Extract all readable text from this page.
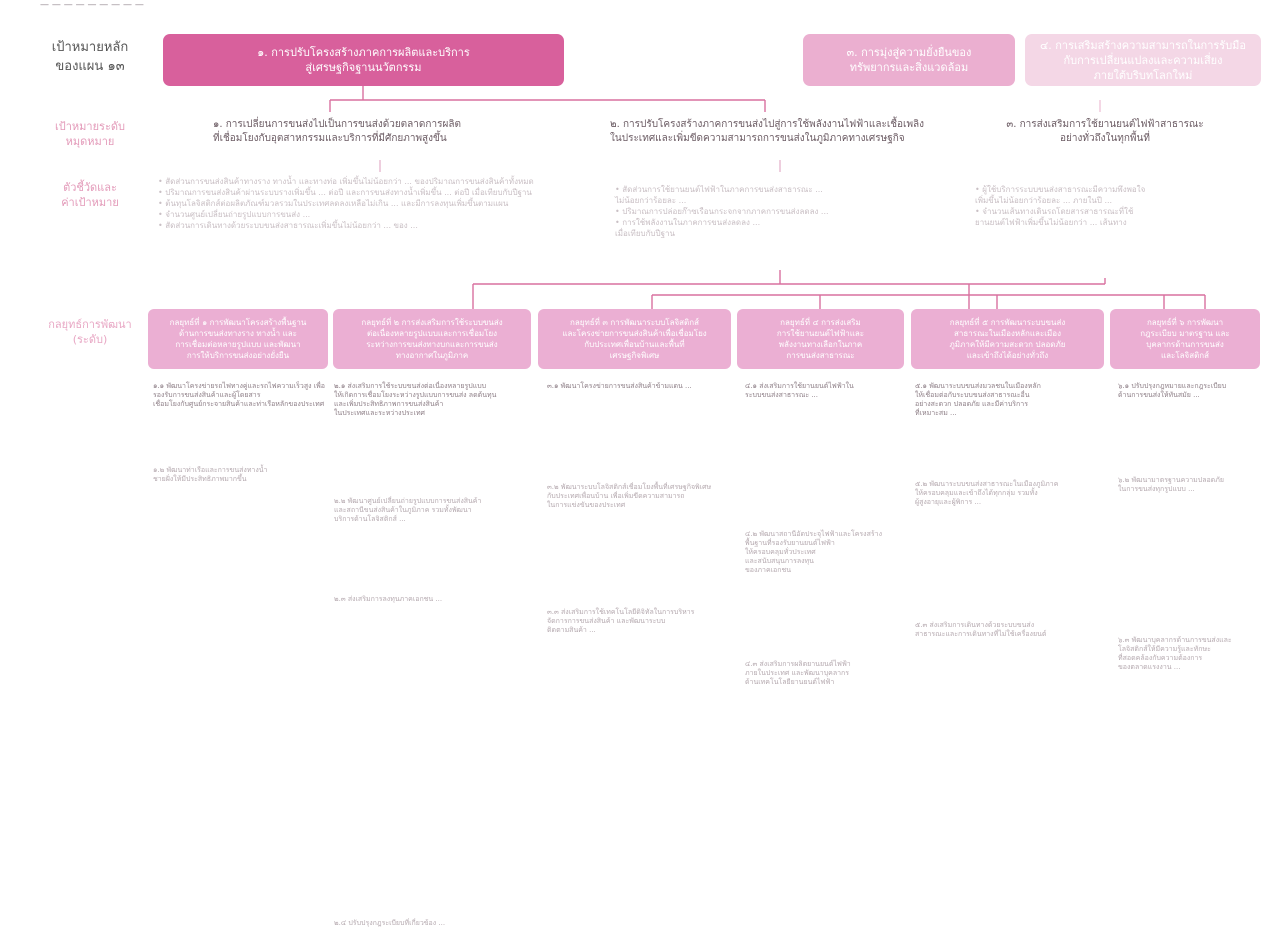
— — — — — — — — —
เป้าหมายหลัก
ของแผน ๑๓
เป้าหมายระดับ
หมุดหมาย
ตัวชี้วัดและ
ค่าเป้าหมาย
กลยุทธ์การพัฒนา
(ระดับ)
๑. การปรับโครงสร้างภาคการผลิตและบริการ
สู่เศรษฐกิจฐานนวัตกรรม
๓. การมุ่งสู่ความยั่งยืนของ
ทรัพยากรและสิ่งแวดล้อม
๔. การเสริมสร้างความสามารถในการรับมือ
กับการเปลี่ยนแปลงและความเสี่ยง
ภายใต้บริบทโลกใหม่
๑. การเปลี่ยนการขนส่งไปเป็นการขนส่งด้วยตลาดการผลิต
ที่เชื่อมโยงกับอุตสาหกรรมและบริการที่มีศักยภาพสูงขึ้น
๒. การปรับโครงสร้างภาคการขนส่งไปสู่การใช้พลังงานไฟฟ้าและเชื้อเพลิง
ในประเทศและเพิ่มขีดความสามารถการขนส่งในภูมิภาคทางเศรษฐกิจ
๓. การส่งเสริมการใช้ยานยนต์ไฟฟ้าสาธารณะ
อย่างทั่วถึงในทุกพื้นที่
• สัดส่วนการขนส่งสินค้าทางราง ทางน้ำ และทางท่อ เพิ่มขึ้นไม่น้อยกว่า ... ของปริมาณการขนส่งสินค้าทั้งหมด
• ปริมาณการขนส่งสินค้าผ่านระบบรางเพิ่มขึ้น ... ต่อปี และการขนส่งทางน้ำเพิ่มขึ้น ... ต่อปี เมื่อเทียบกับปีฐาน
• ต้นทุนโลจิสติกส์ต่อผลิตภัณฑ์มวลรวมในประเทศลดลงเหลือไม่เกิน ... และมีการลงทุนเพิ่มขึ้นตามแผน
• จำนวนศูนย์เปลี่ยนถ่ายรูปแบบการขนส่ง ...
• สัดส่วนการเดินทางด้วยระบบขนส่งสาธารณะเพิ่มขึ้นไม่น้อยกว่า ... ของ ...
• สัดส่วนการใช้ยานยนต์ไฟฟ้าในภาคการขนส่งสาธารณะ ...
ไม่น้อยกว่าร้อยละ ...
• ปริมาณการปล่อยก๊าซเรือนกระจกจากภาคการขนส่งลดลง ...
• การใช้พลังงานในภาคการขนส่งลดลง ...
เมื่อเทียบกับปีฐาน
• ผู้ใช้บริการระบบขนส่งสาธารณะมีความพึงพอใจ
เพิ่มขึ้นไม่น้อยกว่าร้อยละ ... ภายในปี ...
• จำนวนเส้นทางเดินรถโดยสารสาธารณะที่ใช้
ยานยนต์ไฟฟ้าเพิ่มขึ้นไม่น้อยกว่า ... เส้นทาง
กลยุทธ์ที่ ๑ การพัฒนาโครงสร้างพื้นฐาน
ด้านการขนส่งทางราง ทางน้ำ และ
การเชื่อมต่อหลายรูปแบบ และพัฒนา
การให้บริการขนส่งอย่างยั่งยืน
กลยุทธ์ที่ ๒ การส่งเสริมการใช้ระบบขนส่ง
ต่อเนื่องหลายรูปแบบและการเชื่อมโยง
ระหว่างการขนส่งทางบกและการขนส่ง
ทางอากาศในภูมิภาค
กลยุทธ์ที่ ๓ การพัฒนาระบบโลจิสติกส์
และโครงข่ายการขนส่งสินค้าเพื่อเชื่อมโยง
กับประเทศเพื่อนบ้านและพื้นที่
เศรษฐกิจพิเศษ
กลยุทธ์ที่ ๔ การส่งเสริม
การใช้ยานยนต์ไฟฟ้าและ
พลังงานทางเลือกในภาค
การขนส่งสาธารณะ
กลยุทธ์ที่ ๕ การพัฒนาระบบขนส่ง
สาธารณะในเมืองหลักและเมือง
ภูมิภาคให้มีความสะดวก ปลอดภัย
และเข้าถึงได้อย่างทั่วถึง
กลยุทธ์ที่ ๖ การพัฒนา
กฎระเบียบ มาตรฐาน และ
บุคลากรด้านการขนส่ง
และโลจิสติกส์
๑.๑ พัฒนาโครงข่ายรถไฟทางคู่และรถไฟความเร็วสูง เพื่อรองรับการขนส่งสินค้าและผู้โดยสาร
เชื่อมโยงกับศูนย์กระจายสินค้าและท่าเรือหลักของประเทศ

๑.๒ พัฒนาท่าเรือและการขนส่งทางน้ำ
ชายฝั่งให้มีประสิทธิภาพมากขึ้น

๒.๑ ส่งเสริมการใช้ระบบขนส่งต่อเนื่องหลายรูปแบบ
ให้เกิดการเชื่อมโยงระหว่างรูปแบบการขนส่ง ลดต้นทุน
และเพิ่มประสิทธิภาพการขนส่งสินค้า
ในประเทศและระหว่างประเทศ

๒.๒ พัฒนาศูนย์เปลี่ยนถ่ายรูปแบบการขนส่งสินค้า
และสถานีขนส่งสินค้าในภูมิภาค รวมทั้งพัฒนา
บริการด้านโลจิสติกส์ ...

๒.๓ ส่งเสริมการลงทุนภาคเอกชน ...

๒.๔ ปรับปรุงกฎระเบียบที่เกี่ยวข้อง ...

๓.๑ พัฒนาโครงข่ายการขนส่งสินค้าข้ามแดน ...

๓.๒ พัฒนาระบบโลจิสติกส์เชื่อมโยงพื้นที่เศรษฐกิจพิเศษ
กับประเทศเพื่อนบ้าน เพื่อเพิ่มขีดความสามารถ
ในการแข่งขันของประเทศ

๓.๓ ส่งเสริมการใช้เทคโนโลยีดิจิทัลในการบริหาร
จัดการการขนส่งสินค้า และพัฒนาระบบ
ติดตามสินค้า ...
๔.๑ ส่งเสริมการใช้ยานยนต์ไฟฟ้าใน
ระบบขนส่งสาธารณะ ...

๔.๒ พัฒนาสถานีอัดประจุไฟฟ้าและโครงสร้าง
พื้นฐานที่รองรับยานยนต์ไฟฟ้า
ให้ครอบคลุมทั่วประเทศ
และสนับสนุนการลงทุน
ของภาคเอกชน

๔.๓ ส่งเสริมการผลิตยานยนต์ไฟฟ้า
ภายในประเทศ และพัฒนาบุคลากร
ด้านเทคโนโลยียานยนต์ไฟฟ้า
๕.๑ พัฒนาระบบขนส่งมวลชนในเมืองหลัก
ให้เชื่อมต่อกับระบบขนส่งสาธารณะอื่น
อย่างสะดวก ปลอดภัย และมีค่าบริการ
ที่เหมาะสม ...

๕.๒ พัฒนาระบบขนส่งสาธารณะในเมืองภูมิภาค
ให้ครอบคลุมและเข้าถึงได้ทุกกลุ่ม รวมทั้ง
ผู้สูงอายุและผู้พิการ ...

๕.๓ ส่งเสริมการเดินทางด้วยระบบขนส่ง
สาธารณะและการเดินทางที่ไม่ใช้เครื่องยนต์
๖.๑ ปรับปรุงกฎหมายและกฎระเบียบ
ด้านการขนส่งให้ทันสมัย ...

๖.๒ พัฒนามาตรฐานความปลอดภัย
ในการขนส่งทุกรูปแบบ ...

๖.๓ พัฒนาบุคลากรด้านการขนส่งและ
โลจิสติกส์ให้มีความรู้และทักษะ
ที่สอดคล้องกับความต้องการ
ของตลาดแรงงาน ...
